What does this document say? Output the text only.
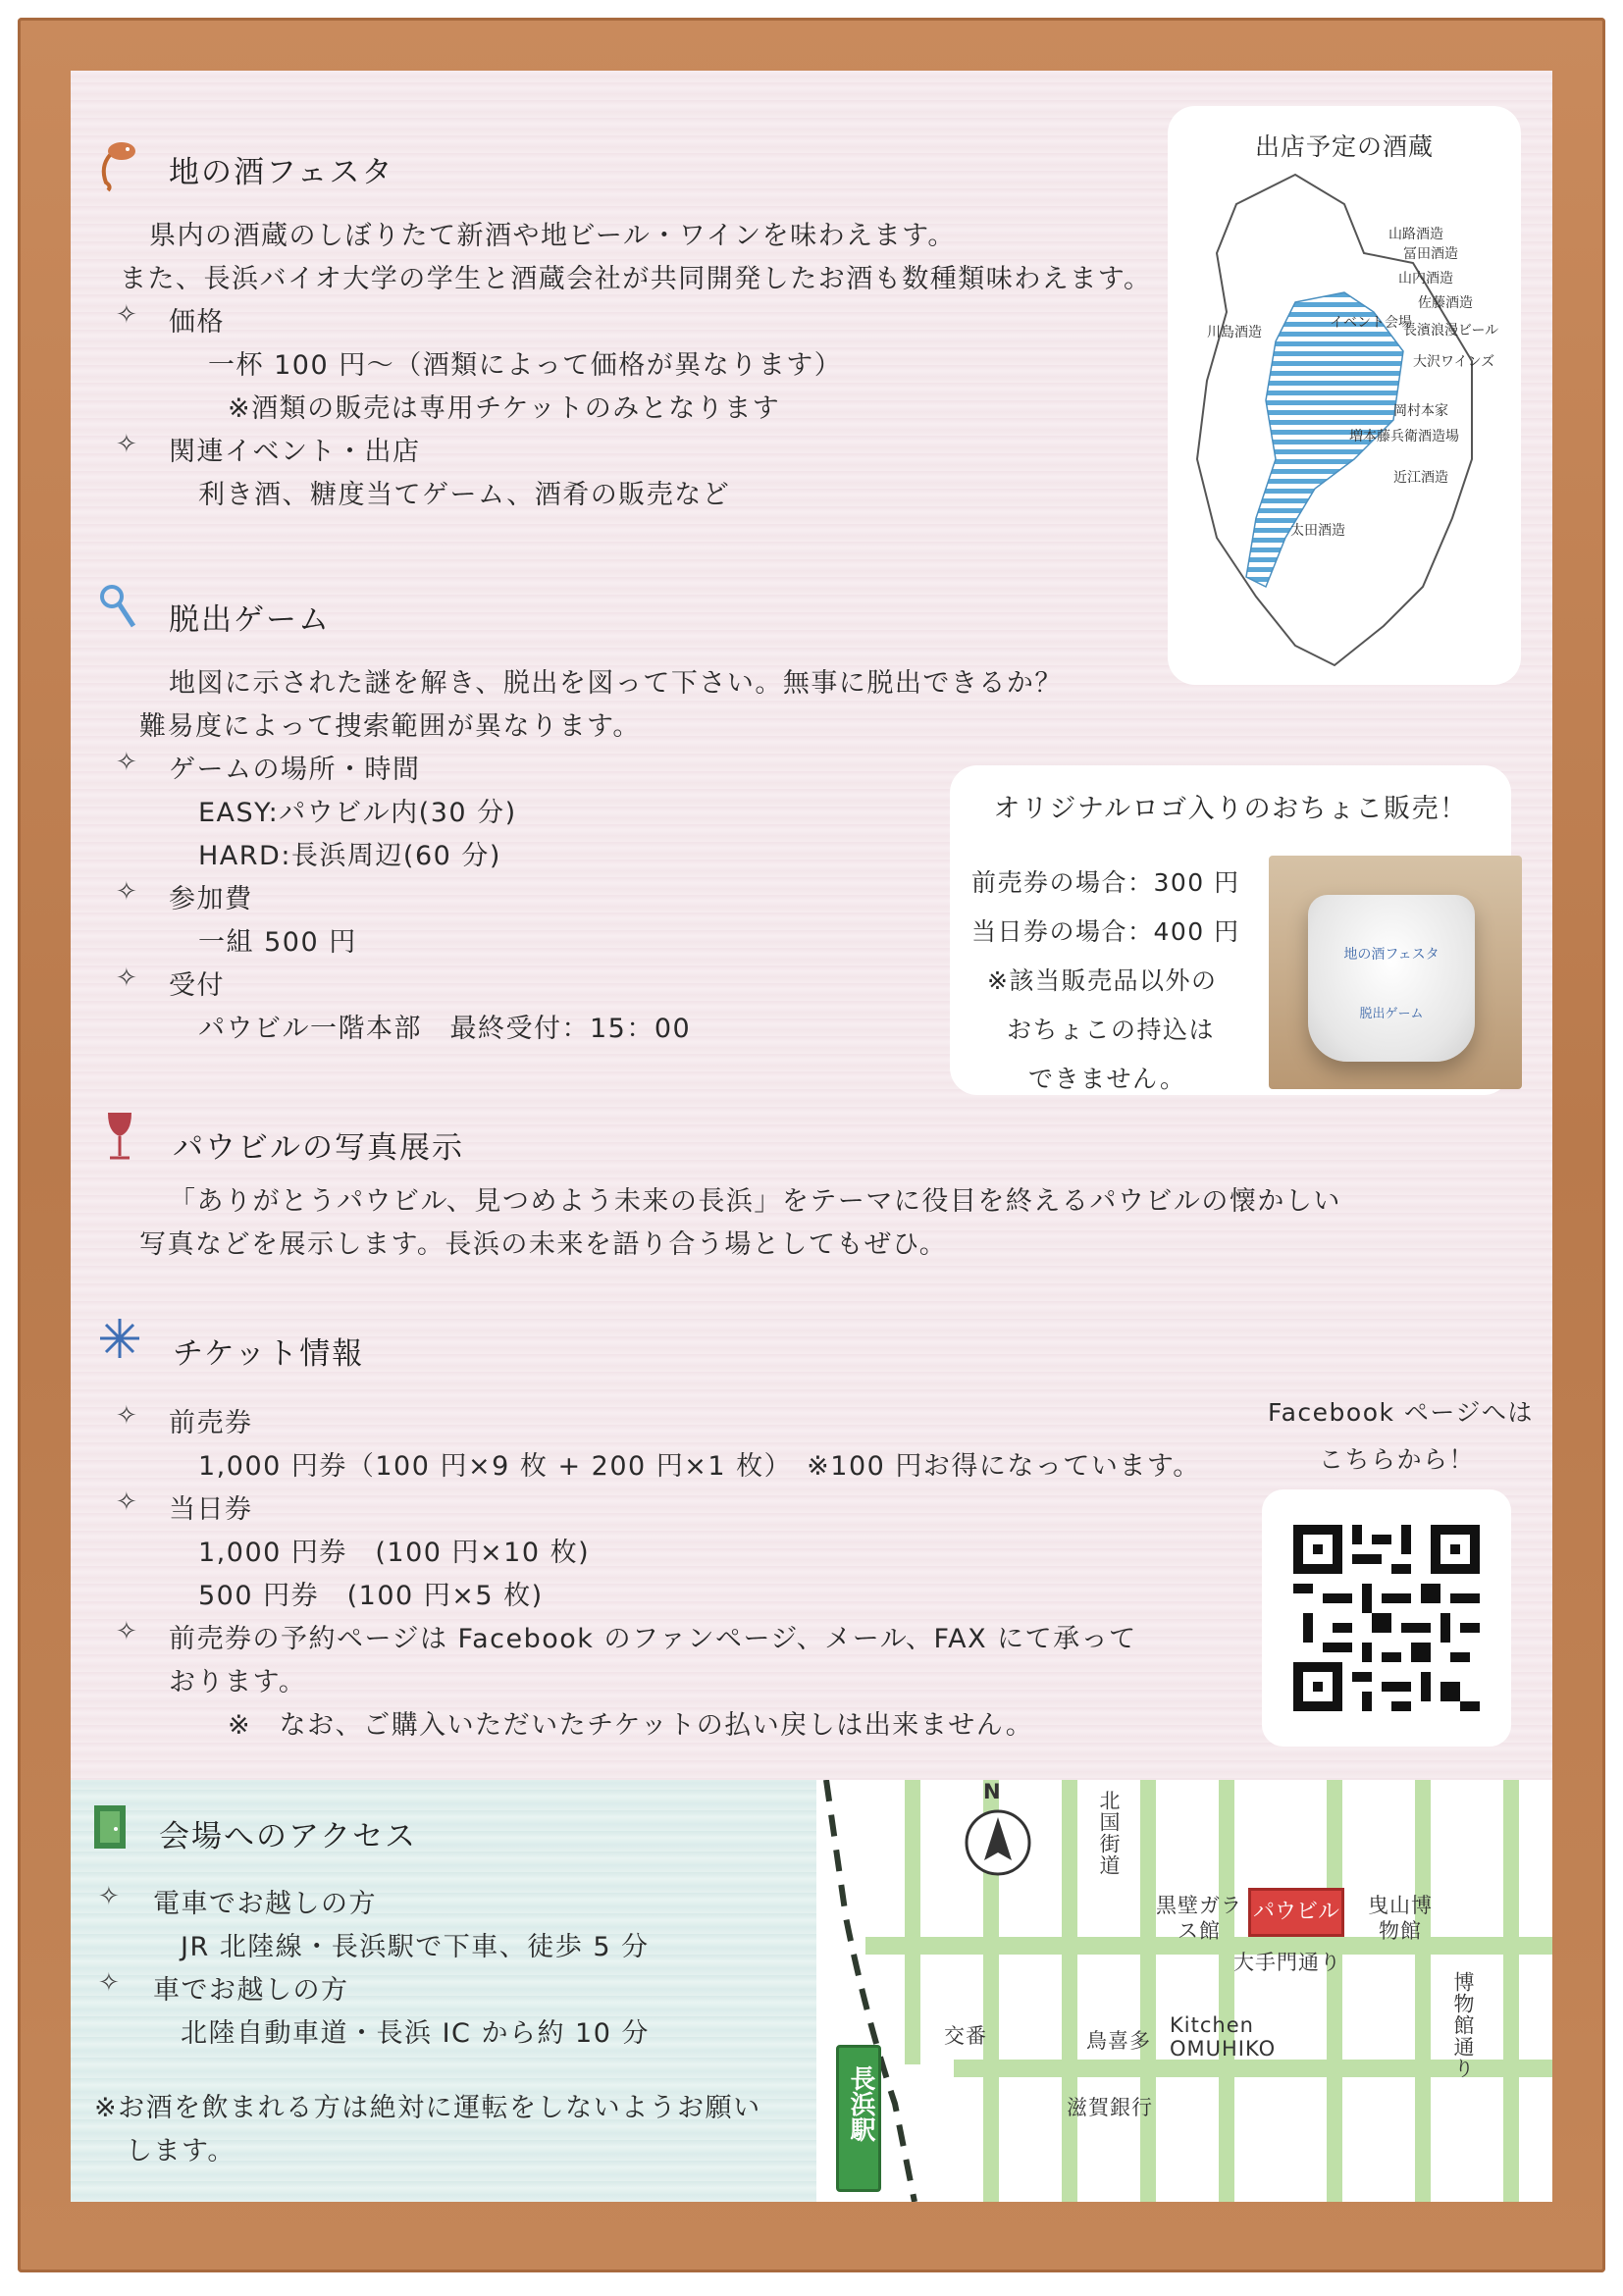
地の酒フェスタ
県内の酒蔵のしぼりたて新酒や地ビール・ワインを味わえます。
また、長浜バイオ大学の学生と酒蔵会社が共同開発したお酒も数種類味わえます。
✧ 価格
一杯 100 円～（酒類によって価格が異なります）
※酒類の販売は専用チケットのみとなります
✧ 関連イベント・出店
利き酒、糖度当てゲーム、酒肴の販売など
出店予定の酒蔵
山路酒造
冨田酒造
山内酒造
佐藤酒造
イベント会場
長濱浪漫ビール
大沢ワインズ
川島酒造
岡村本家
増本藤兵衛酒造場
近江酒造
太田酒造
脱出ゲーム
地図に示された謎を解き、脱出を図って下さい。無事に脱出できるか？
難易度によって捜索範囲が異なります。
✧ ゲームの場所・時間
EASY:パウビル内(30 分)
HARD:長浜周辺(60 分)
✧ 参加費
一組 500 円
✧ 受付
パウビル一階本部　最終受付：15：00
オリジナルロゴ入りのおちょこ販売！
前売券の場合：300 円
当日券の場合：400 円
※該当販売品以外の
おちょこの持込は
できません。
地の酒フェスタ
脱出ゲーム
パウビルの写真展示
「ありがとうパウビル、見つめよう未来の長浜」をテーマに役目を終えるパウビルの懐かしい
写真などを展示します。長浜の未来を語り合う場としてもぜひ。
チケット情報
✧ 前売券
1,000 円券（100 円×9 枚 + 200 円×1 枚）　※100 円お得になっています。
✧ 当日券
1,000 円券　(100 円×10 枚)
500 円券　(100 円×5 枚)
✧ 前売券の予約ページは Facebook のファンページ、メール、FAX にて承って
おります。
※　なお、ご購入いただいたチケットの払い戻しは出来ません。
Facebook ページへは
こちらから！
会場へのアクセス
✧ 電車でお越しの方
JR 北陸線・長浜駅で下車、徒歩 5 分
✧ 車でお越しの方
北陸自動車道・長浜 IC から約 10 分
※お酒を飲まれる方は絶対に運転をしないようお願い
します。
N
長浜駅
パウビル
北国街道
黒壁ガラス館
曳山博物館
大手門通り
博物館通り
交番	鳥喜多
Kitchen OMUHIKO
滋賀銀行
